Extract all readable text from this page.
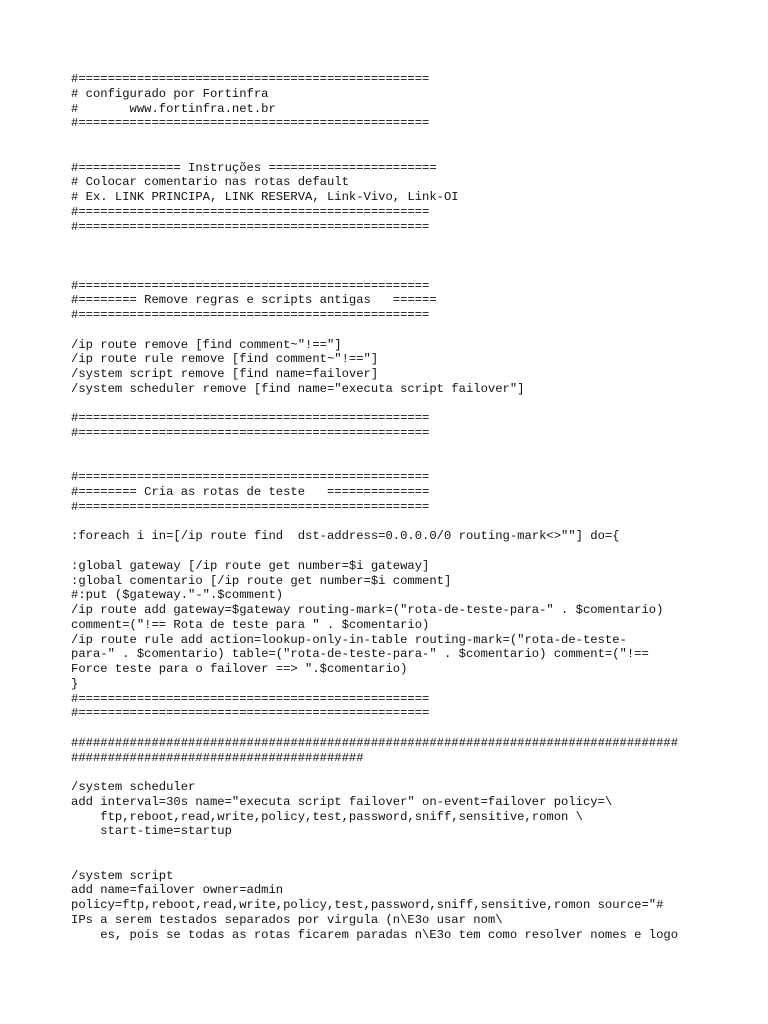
#================================================
# configurado por Fortinfra
#       www.fortinfra.net.br
#================================================
#============== Instruções =======================
# Colocar comentario nas rotas default
# Ex. LINK PRINCIPA, LINK RESERVA, Link-Vivo, Link-OI
#================================================
#================================================
#================================================
#======== Remove regras e scripts antigas   ======
#================================================
/ip route remove [find comment~"!=="]
/ip route rule remove [find comment~"!=="]
/system script remove [find name=failover]
/system scheduler remove [find name="executa script failover"]
#================================================
#================================================
#================================================
#======== Cria as rotas de teste   ==============
#================================================
:foreach i in=[/ip route find  dst-address=0.0.0.0/0 routing-mark<>""] do={
:global gateway [/ip route get number=$i gateway]
:global comentario [/ip route get number=$i comment]
#:put ($gateway."-".$comment)
/ip route add gateway=$gateway routing-mark=("rota-de-teste-para-" . $comentario)
comment=("!== Rota de teste para " . $comentario)
/ip route rule add action=lookup-only-in-table routing-mark=("rota-de-teste-
para-" . $comentario) table=("rota-de-teste-para-" . $comentario) comment=("!==
Force teste para o failover ==> ".$comentario)
}
#================================================
#================================================
###################################################################################
########################################
/system scheduler
add interval=30s name="executa script failover" on-event=failover policy=\
ftp,reboot,read,write,policy,test,password,sniff,sensitive,romon \
start-time=startup
/system script
add name=failover owner=admin
policy=ftp,reboot,read,write,policy,test,password,sniff,sensitive,romon source="#
IPs a serem testados separados por virgula (n\E3o usar nom\
es, pois se todas as rotas ficarem paradas n\E3o tem como resolver nomes e logo
